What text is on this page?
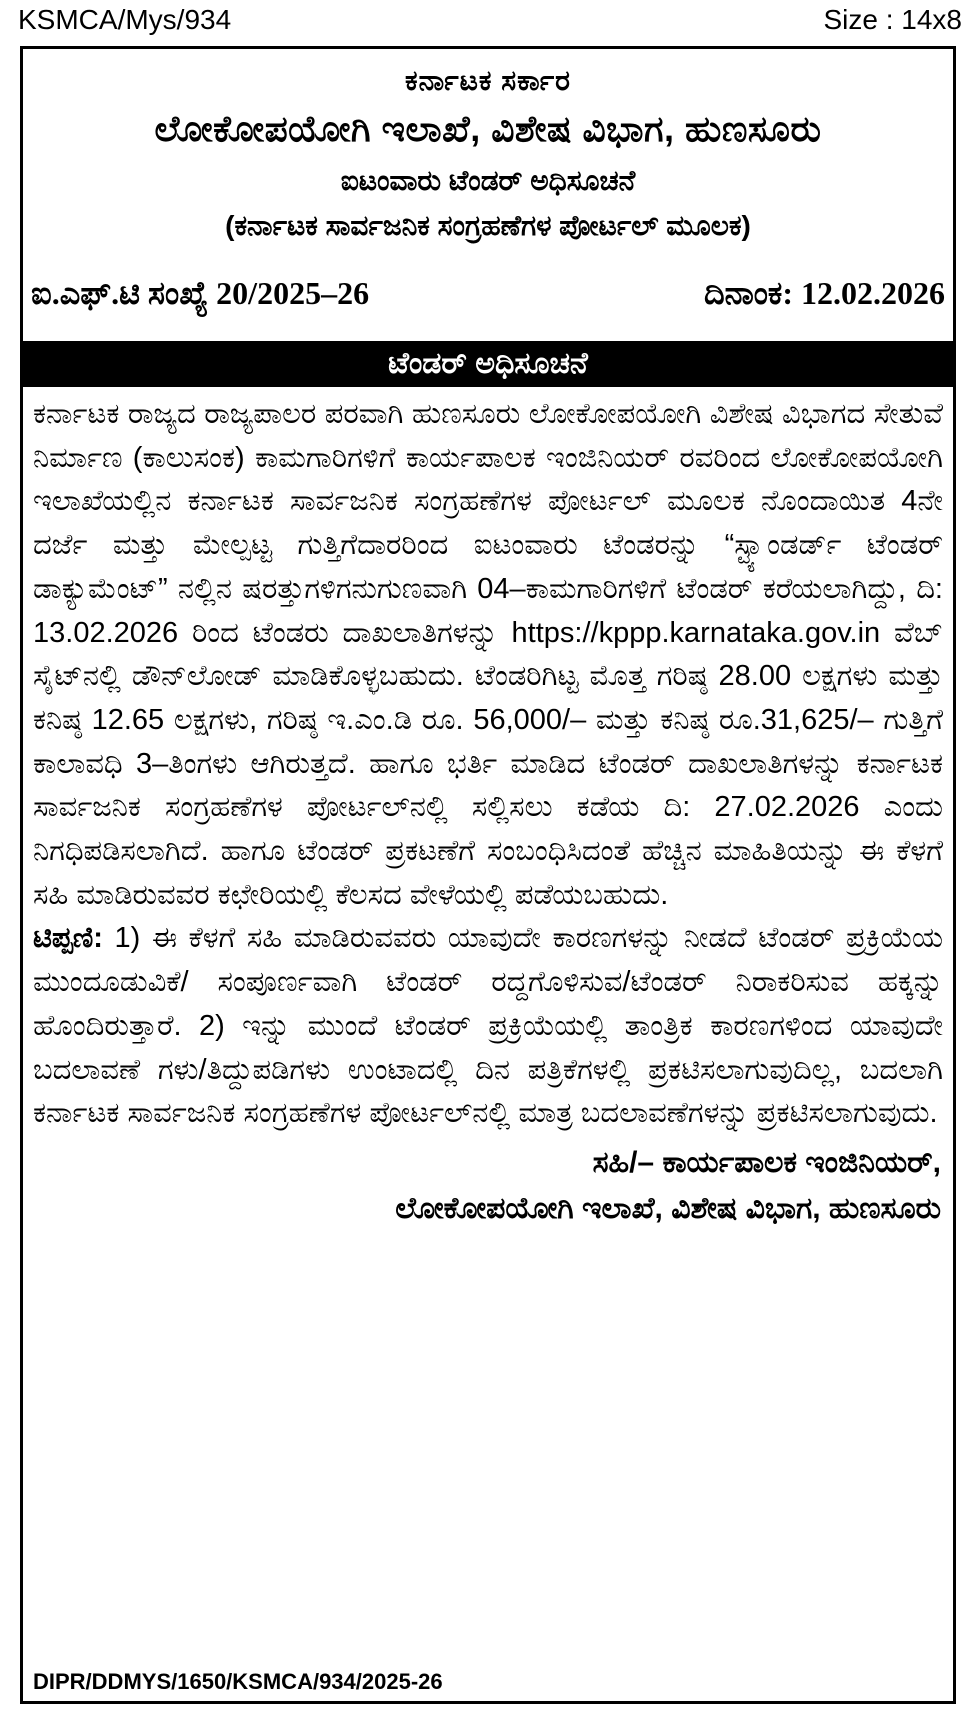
KSMCA/Mys/934	Size : 14x8
ಕರ್ನಾಟಕ ಸರ್ಕಾರ
ಲೋಕೋಪಯೋಗಿ ಇಲಾಖೆ, ವಿಶೇಷ ವಿಭಾಗ, ಹುಣಸೂರು
ಐಟಂವಾರು ಟೆಂಡರ್ ಅಧಿಸೂಚನೆ
(ಕರ್ನಾಟಕ ಸಾರ್ವಜನಿಕ ಸಂಗ್ರಹಣೆಗಳ ಪೋರ್ಟಲ್ ಮೂಲಕ)
ಐ.ಎಫ್.ಟಿ ಸಂಖ್ಯೆ 20/2025–26	ದಿನಾಂಕ: 12.02.2026
ಟೆಂಡರ್ ಅಧಿಸೂಚನೆ

ಕರ್ನಾಟಕ ರಾಜ್ಯದ ರಾಜ್ಯಪಾಲರ ಪರವಾಗಿ ಹುಣಸೂರು ಲೋಕೋಪಯೋಗಿ ವಿಶೇಷ ವಿಭಾಗದ ಸೇತುವೆ ನಿರ್ಮಾಣ (ಕಾಲುಸಂಕ) ಕಾಮಗಾರಿಗಳಿಗೆ ಕಾರ್ಯಪಾಲಕ ಇಂಜಿನಿಯರ್ ರವರಿಂದ ಲೋಕೋಪಯೋಗಿ ಇಲಾಖೆಯಲ್ಲಿನ ಕರ್ನಾಟಕ ಸಾರ್ವಜನಿಕ ಸಂಗ್ರಹಣೆಗಳ ಪೋರ್ಟಲ್ ಮೂಲಕ ನೊಂದಾಯಿತ 4ನೇ ದರ್ಜೆ ಮತ್ತು ಮೇಲ್ಪಟ್ಟ ಗುತ್ತಿಗೆದಾರರಿಂದ ಐಟಂವಾರು ಟೆಂಡರನ್ನು “ಸ್ಟ್ಯಾಂಡರ್ಡ್ ಟೆಂಡರ್ ಡಾಕ್ಯುಮೆಂಟ್” ನಲ್ಲಿನ ಷರತ್ತುಗಳಿಗನುಗುಣವಾಗಿ 04–ಕಾಮಗಾರಿಗಳಿಗೆ ಟೆಂಡರ್ ಕರೆಯಲಾಗಿದ್ದು, ದಿ: 13.02.2026 ರಿಂದ ಟೆಂಡರು ದಾಖಲಾತಿಗಳನ್ನು https://kppp.karnataka.gov.in ವೆಬ್ ಸೈಟ್‌ನಲ್ಲಿ ಡೌನ್‌ಲೋಡ್ ಮಾಡಿಕೊಳ್ಳಬಹುದು. ಟೆಂಡರಿಗಿಟ್ಟ ಮೊತ್ತ ಗರಿಷ್ಠ 28.00 ಲಕ್ಷಗಳು ಮತ್ತು ಕನಿಷ್ಠ 12.65 ಲಕ್ಷಗಳು, ಗರಿಷ್ಠ ಇ.ಎಂ.ಡಿ ರೂ. 56,000/– ಮತ್ತು ಕನಿಷ್ಠ ರೂ.31,625/– ಗುತ್ತಿಗೆ ಕಾಲಾವಧಿ 3–ತಿಂಗಳು ಆಗಿರುತ್ತದೆ. ಹಾಗೂ ಭರ್ತಿ ಮಾಡಿದ ಟೆಂಡರ್ ದಾಖಲಾತಿಗಳನ್ನು ಕರ್ನಾಟಕ ಸಾರ್ವಜನಿಕ ಸಂಗ್ರಹಣೆಗಳ ಪೋರ್ಟಲ್‌ನಲ್ಲಿ ಸಲ್ಲಿಸಲು ಕಡೆಯ ದಿ: 27.02.2026 ಎಂದು ನಿಗಧಿಪಡಿಸಲಾಗಿದೆ. ಹಾಗೂ ಟೆಂಡರ್ ಪ್ರಕಟಣೆಗೆ ಸಂಬಂಧಿಸಿದಂತೆ ಹೆಚ್ಚಿನ ಮಾಹಿತಿಯನ್ನು ಈ ಕೆಳಗೆ ಸಹಿ ಮಾಡಿರುವವರ ಕಛೇರಿಯಲ್ಲಿ ಕೆಲಸದ ವೇಳೆಯಲ್ಲಿ ಪಡೆಯಬಹುದು.

ಟಿಪ್ಪಣಿ: 1) ಈ ಕೆಳಗೆ ಸಹಿ ಮಾಡಿರುವವರು ಯಾವುದೇ ಕಾರಣಗಳನ್ನು ನೀಡದೆ ಟೆಂಡರ್ ಪ್ರಕ್ರಿಯೆಯ ಮುಂದೂಡುವಿಕೆ/ ಸಂಪೂರ್ಣವಾಗಿ ಟೆಂಡರ್ ರದ್ದಗೊಳಿಸುವ/ಟೆಂಡರ್ ನಿರಾಕರಿಸುವ ಹಕ್ಕನ್ನು ಹೊಂದಿರುತ್ತಾರೆ. 2) ಇನ್ನು ಮುಂದೆ ಟೆಂಡರ್ ಪ್ರಕ್ರಿಯೆಯಲ್ಲಿ ತಾಂತ್ರಿಕ ಕಾರಣಗಳಿಂದ ಯಾವುದೇ ಬದಲಾವಣೆ ಗಳು/ತಿದ್ದುಪಡಿಗಳು ಉಂಟಾದಲ್ಲಿ ದಿನ ಪತ್ರಿಕೆಗಳಲ್ಲಿ ಪ್ರಕಟಿಸಲಾಗುವುದಿಲ್ಲ, ಬದಲಾಗಿ ಕರ್ನಾಟಕ ಸಾರ್ವಜನಿಕ ಸಂಗ್ರಹಣೆಗಳ ಪೋರ್ಟಲ್‌ನಲ್ಲಿ ಮಾತ್ರ ಬದಲಾವಣೆಗಳನ್ನು ಪ್ರಕಟಿಸಲಾಗುವುದು.

ಸಹಿ/– ಕಾರ್ಯಪಾಲಕ ಇಂಜಿನಿಯರ್,
ಲೋಕೋಪಯೋಗಿ ಇಲಾಖೆ, ವಿಶೇಷ ವಿಭಾಗ, ಹುಣಸೂರು
DIPR/DDMYS/1650/KSMCA/934/2025-26
